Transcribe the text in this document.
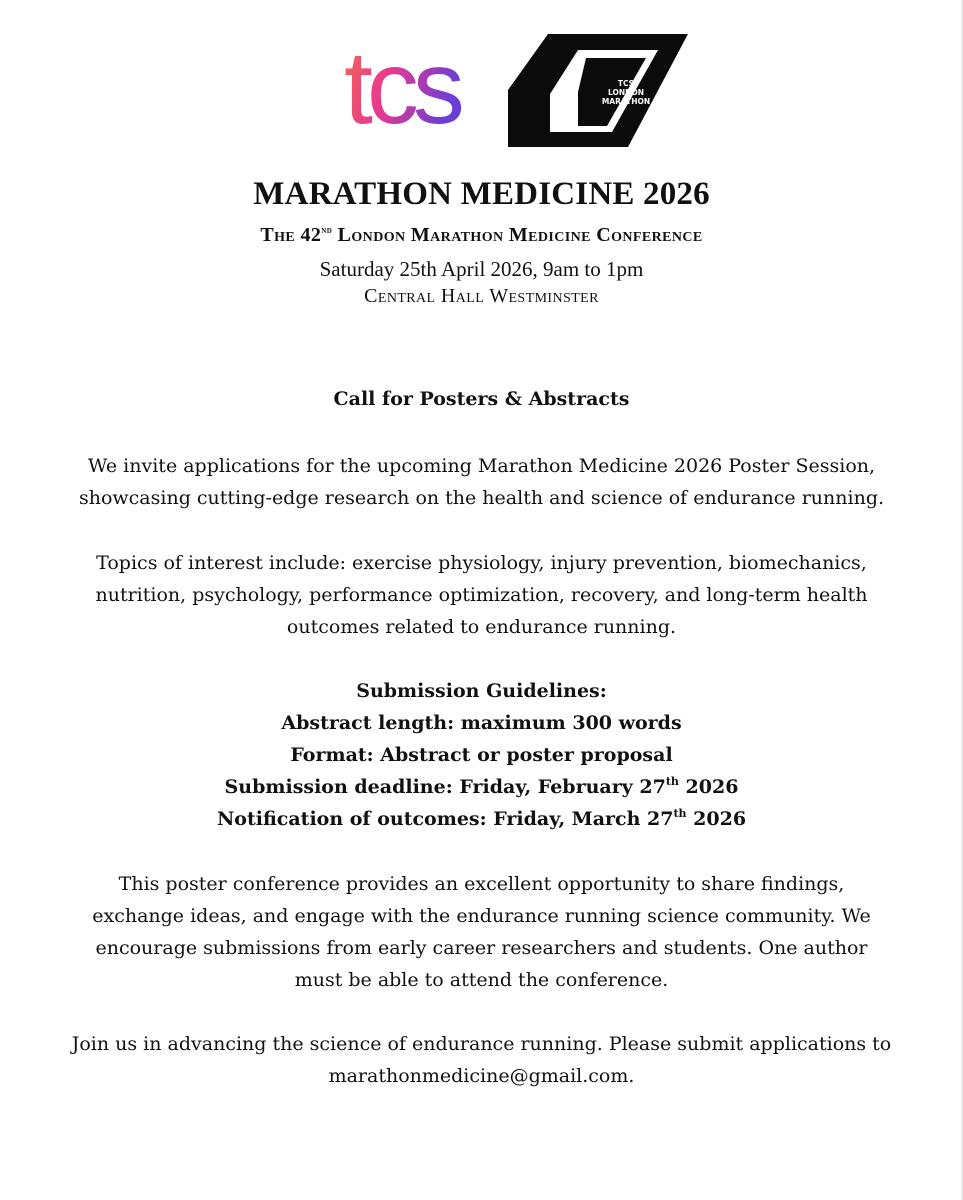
tcs	TCS
LONDON
MARATHON
MARATHON MEDICINE 2026
The 42nd London Marathon Medicine Conference
Saturday 25th April 2026, 9am to 1pm
Central Hall Westminster
Call for Posters & Abstracts
We invite applications for the upcoming Marathon Medicine 2026 Poster Session,
showcasing cutting-edge research on the health and science of endurance running.
Topics of interest include: exercise physiology, injury prevention, biomechanics,
nutrition, psychology, performance optimization, recovery, and long-term health
outcomes related to endurance running.
Submission Guidelines:
Abstract length: maximum 300 words
Format: Abstract or poster proposal
Submission deadline: Friday, February 27th 2026
Notification of outcomes: Friday, March 27th 2026
This poster conference provides an excellent opportunity to share findings,
exchange ideas, and engage with the endurance running science community. We
encourage submissions from early career researchers and students. One author
must be able to attend the conference.
Join us in advancing the science of endurance running. Please submit applications to
marathonmedicine@gmail.com.
